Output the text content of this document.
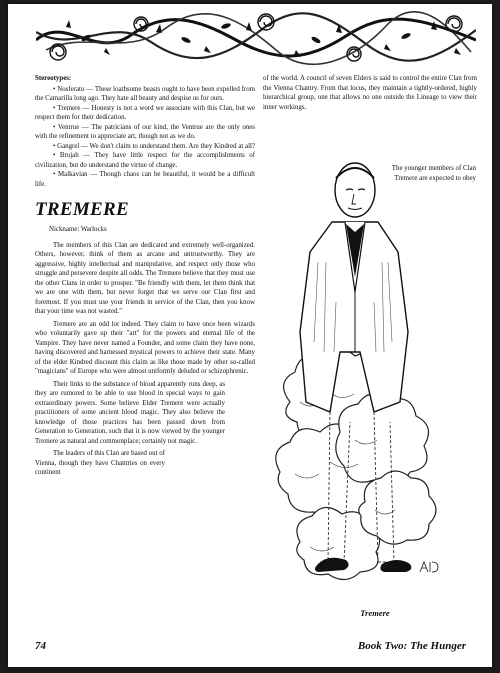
Stereotypes:

• Nosferatu — These loathsome beasts ought to have been expelled from the Camarilla long ago. They hate all beauty and despise us for ours.

• Tremere — Honesty is not a word we associate with this Clan, but we respect them for their dedication.

• Ventrue — The patricians of our kind, the Ventrue are the only ones with the refinement to appreciate art, though not as we do.

• Gangrel — We don't claim to understand them. Are they Kindred at all?

• Brujah — They have little respect for the accomplishments of civilization, but do understand the virtue of change.

• Malkavian — Though chaos can be beautiful, it would be a difficult life.

TREMERE

Nickname: Warlocks

The members of this Clan are dedicated and extremely well-organized. Others, however, think of them as arcane and untrustworthy. They are aggressive, highly intellectual and manipulative, and respect only those who struggle and persevere despite all odds. The Tremere believe that they must use the other Clans in order to prosper. "Be friendly with them, let them think that we are one with them, but never forget that we serve our Clan first and foremost. If you must use your friends in service of the Clan, then you know that your time was not wasted."

Tremere are an odd lot indeed. They claim to have once been wizards who voluntarily gave up their "art" for the powers and eternal life of the Vampire. They have never named a Founder, and some claim they have none, having discovered and harnessed mystical powers to achieve their state. Many of the elder Kindred discount this claim as like those made by other so-called "magicians" of Europe who were almost uniformly deluded or schizophrenic.

Their links to the substance of blood apparently runs deep, as they are rumored to be able to use blood in special ways to gain extraordinary powers. Some believe Elder Tremere were actually practitioners of some ancient blood magic. They also believe the knowledge of those practices has been passed down from Generation to Generation, such that it is now viewed by the younger Tremere as natural and commonplace; certainly not magic.

The leaders of this Clan are based out of Vienna, though they have Chantries on every continent

of the world. A council of seven Elders is said to control the entire Clan from the Vienna Chantry. From that locus, they maintain a tightly-ordered, highly hierarchical group, one that allows no one outside the Lineage to view their inner workings.

The younger members of Clan Tremere are expected to obey

Tremere
74	Book Two: The Hunger
